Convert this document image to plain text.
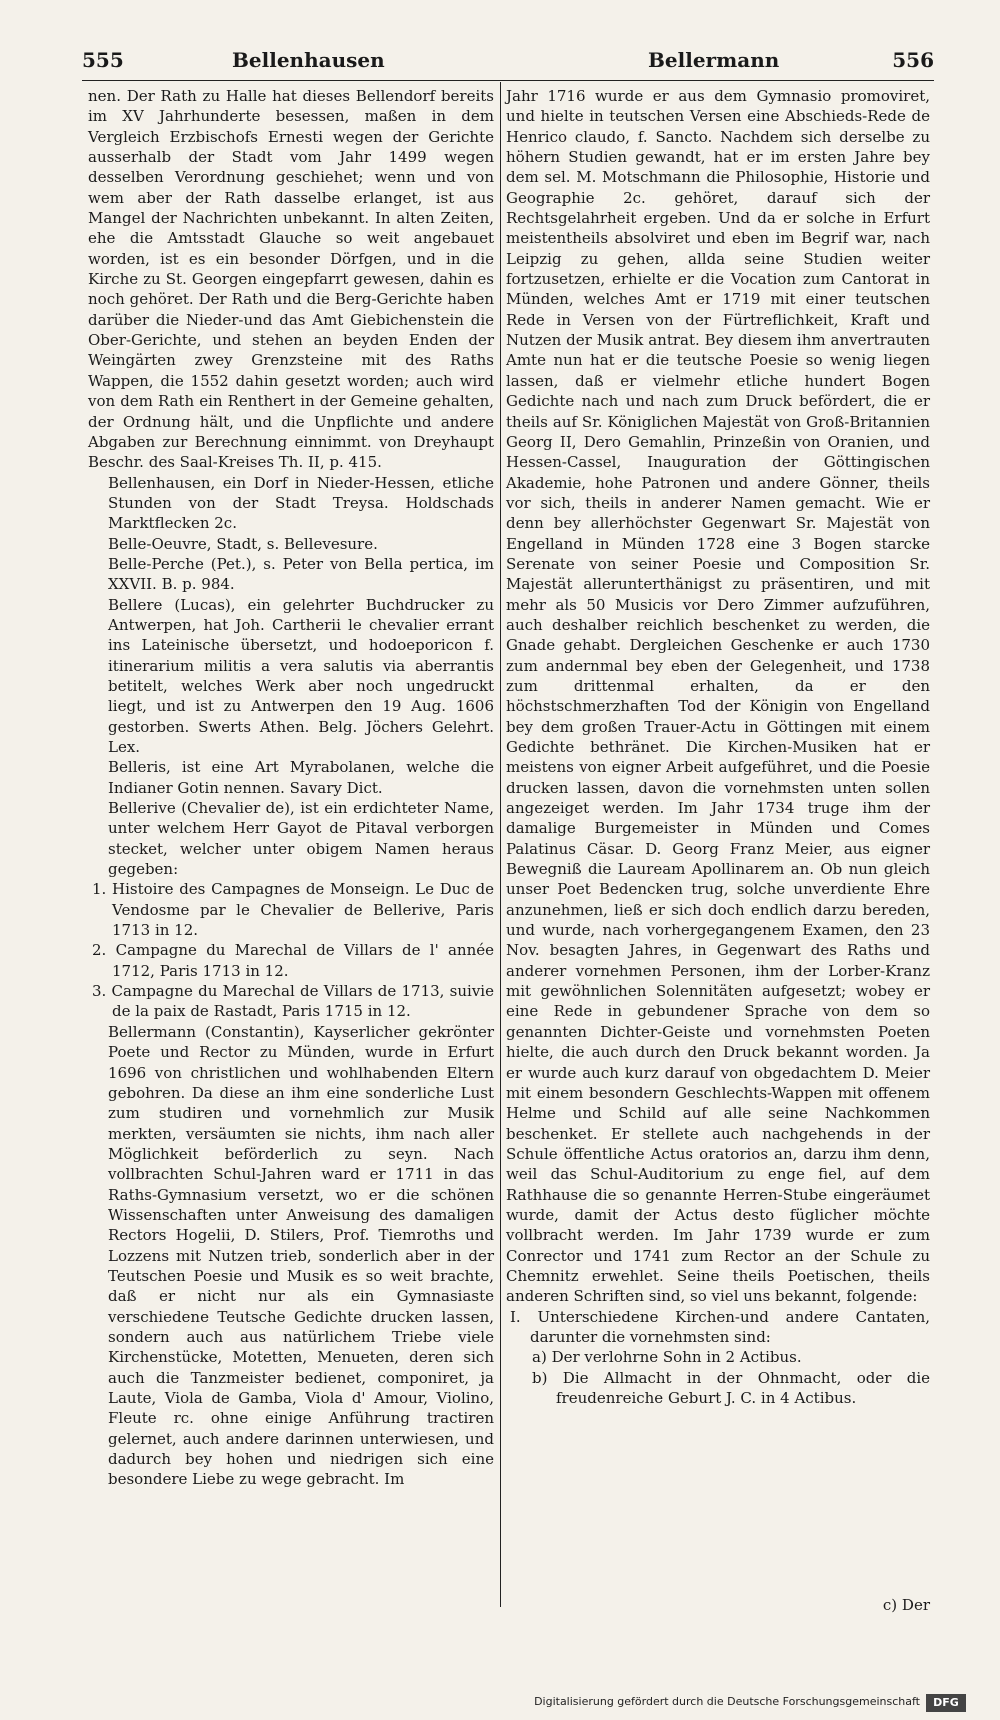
555	Bellenhausen	Bellermann	556

nen. Der Rath zu Halle hat dieses Bellendorf bereits im XV Jahrhunderte besessen, maßen in dem Vergleich Erzbischofs Ernesti wegen der Gerichte ausserhalb der Stadt vom Jahr 1499 wegen desselben Verordnung geschiehet; wenn und von wem aber der Rath dasselbe erlanget, ist aus Mangel der Nachrichten unbekannt. In alten Zeiten, ehe die Amtsstadt Glauche so weit angebauet worden, ist es ein besonder Dörfgen, und in die Kirche zu St. Georgen eingepfarrt gewesen, dahin es noch gehöret. Der Rath und die Berg-Gerichte haben darüber die Nieder-und das Amt Giebichenstein die Ober-Gerichte, und stehen an beyden Enden der Weingärten zwey Grenzsteine mit des Raths Wappen, die 1552 dahin gesetzt worden; auch wird von dem Rath ein Renthert in der Gemeine gehalten, der Ordnung hält, und die Unpflichte und andere Abgaben zur Berechnung einnimmt. von Dreyhaupt Beschr. des Saal-Kreises Th. II, p. 415.

Bellenhausen, ein Dorf in Nieder-Hessen, etliche Stunden von der Stadt Treysa. Holdschads Marktflecken 2c.

Belle-Oeuvre, Stadt, s. Bellevesure.

Belle-Perche (Pet.), s. Peter von Bella pertica, im XXVII. B. p. 984.

Bellere (Lucas), ein gelehrter Buchdrucker zu Antwerpen, hat Joh. Cartherii le chevalier errant ins Lateinische übersetzt, und hodoeporicon f. itinerarium militis a vera salutis via aberrantis betitelt, welches Werk aber noch ungedruckt liegt, und ist zu Antwerpen den 19 Aug. 1606 gestorben. Swerts Athen. Belg. Jöchers Gelehrt. Lex.

Belleris, ist eine Art Myrabolanen, welche die Indianer Gotin nennen. Savary Dict.

Bellerive (Chevalier de), ist ein erdichteter Name, unter welchem Herr Gayot de Pitaval verborgen stecket, welcher unter obigem Namen heraus gegeben:

1. Histoire des Campagnes de Monseign. Le Duc de Vendosme par le Chevalier de Bellerive, Paris 1713 in 12.

2. Campagne du Marechal de Villars de l' année 1712, Paris 1713 in 12.

3. Campagne du Marechal de Villars de 1713, suivie de la paix de Rastadt, Paris 1715 in 12.

Bellermann (Constantin), Kayserlicher gekrönter Poete und Rector zu Münden, wurde in Erfurt 1696 von christlichen und wohlhabenden Eltern gebohren. Da diese an ihm eine sonderliche Lust zum studiren und vornehmlich zur Musik merkten, versäumten sie nichts, ihm nach aller Möglichkeit beförderlich zu seyn. Nach vollbrachten Schul-Jahren ward er 1711 in das Raths-Gymnasium versetzt, wo er die schönen Wissenschaften unter Anweisung des damaligen Rectors Hogelii, D. Stilers, Prof. Tiemroths und Lozzens mit Nutzen trieb, sonderlich aber in der Teutschen Poesie und Musik es so weit brachte, daß er nicht nur als ein Gymnasiaste verschiedene Teutsche Gedichte drucken lassen, sondern auch aus natürlichem Triebe viele Kirchenstücke, Motetten, Menueten, deren sich auch die Tanzmeister bedienet, componiret, ja Laute, Viola de Gamba, Viola d' Amour, Violino, Fleute rc. ohne einige Anführung tractiren gelernet, auch andere darinnen unterwiesen, und dadurch bey hohen und niedrigen sich eine besondere Liebe zu wege gebracht. Im

Jahr 1716 wurde er aus dem Gymnasio promoviret, und hielte in teutschen Versen eine Abschieds-Rede de Henrico claudo, f. Sancto. Nachdem sich derselbe zu höhern Studien gewandt, hat er im ersten Jahre bey dem sel. M. Motschmann die Philosophie, Historie und Geographie 2c. gehöret, darauf sich der Rechtsgelahrheit ergeben. Und da er solche in Erfurt meistentheils absolviret und eben im Begrif war, nach Leipzig zu gehen, allda seine Studien weiter fortzusetzen, erhielte er die Vocation zum Cantorat in Münden, welches Amt er 1719 mit einer teutschen Rede in Versen von der Fürtreflichkeit, Kraft und Nutzen der Musik antrat. Bey diesem ihm anvertrauten Amte nun hat er die teutsche Poesie so wenig liegen lassen, daß er vielmehr etliche hundert Bogen Gedichte nach und nach zum Druck befördert, die er theils auf Sr. Königlichen Majestät von Groß-Britannien Georg II, Dero Gemahlin, Prinzeßin von Oranien, und Hessen-Cassel, Inauguration der Göttingischen Akademie, hohe Patronen und andere Gönner, theils vor sich, theils in anderer Namen gemacht. Wie er denn bey allerhöchster Gegenwart Sr. Majestät von Engelland in Münden 1728 eine 3 Bogen starcke Serenate von seiner Poesie und Composition Sr. Majestät allerunterthänigst zu präsentiren, und mit mehr als 50 Musicis vor Dero Zimmer aufzuführen, auch deshalber reichlich beschenket zu werden, die Gnade gehabt. Dergleichen Geschenke er auch 1730 zum andernmal bey eben der Gelegenheit, und 1738 zum drittenmal erhalten, da er den höchstschmerzhaften Tod der Königin von Engelland bey dem großen Trauer-Actu in Göttingen mit einem Gedichte bethränet. Die Kirchen-Musiken hat er meistens von eigner Arbeit aufgeführet, und die Poesie drucken lassen, davon die vornehmsten unten sollen angezeiget werden. Im Jahr 1734 truge ihm der damalige Burgemeister in Münden und Comes Palatinus Cäsar. D. Georg Franz Meier, aus eigner Bewegniß die Lauream Apollinarem an. Ob nun gleich unser Poet Bedencken trug, solche unverdiente Ehre anzunehmen, ließ er sich doch endlich darzu bereden, und wurde, nach vorhergegangenem Examen, den 23 Nov. besagten Jahres, in Gegenwart des Raths und anderer vornehmen Personen, ihm der Lorber-Kranz mit gewöhnlichen Solennitäten aufgesetzt; wobey er eine Rede in gebundener Sprache von dem so genannten Dichter-Geiste und vornehmsten Poeten hielte, die auch durch den Druck bekannt worden. Ja er wurde auch kurz darauf von obgedachtem D. Meier mit einem besondern Geschlechts-Wappen mit offenem Helme und Schild auf alle seine Nachkommen beschenket. Er stellete auch nachgehends in der Schule öffentliche Actus oratorios an, darzu ihm denn, weil das Schul-Auditorium zu enge fiel, auf dem Rathhause die so genannte Herren-Stube eingeräumet wurde, damit der Actus desto füglicher möchte vollbracht werden. Im Jahr 1739 wurde er zum Conrector und 1741 zum Rector an der Schule zu Chemnitz erwehlet. Seine theils Poetischen, theils anderen Schriften sind, so viel uns bekannt, folgende:

I. Unterschiedene Kirchen-und andere Cantaten, darunter die vornehmsten sind:

a) Der verlohrne Sohn in 2 Actibus.

b) Die Allmacht in der Ohnmacht, oder die freudenreiche Geburt J. C. in 4 Actibus.

c) Der
Digitalisierung gefördert durch die Deutsche Forschungsgemeinschaft	DFG
